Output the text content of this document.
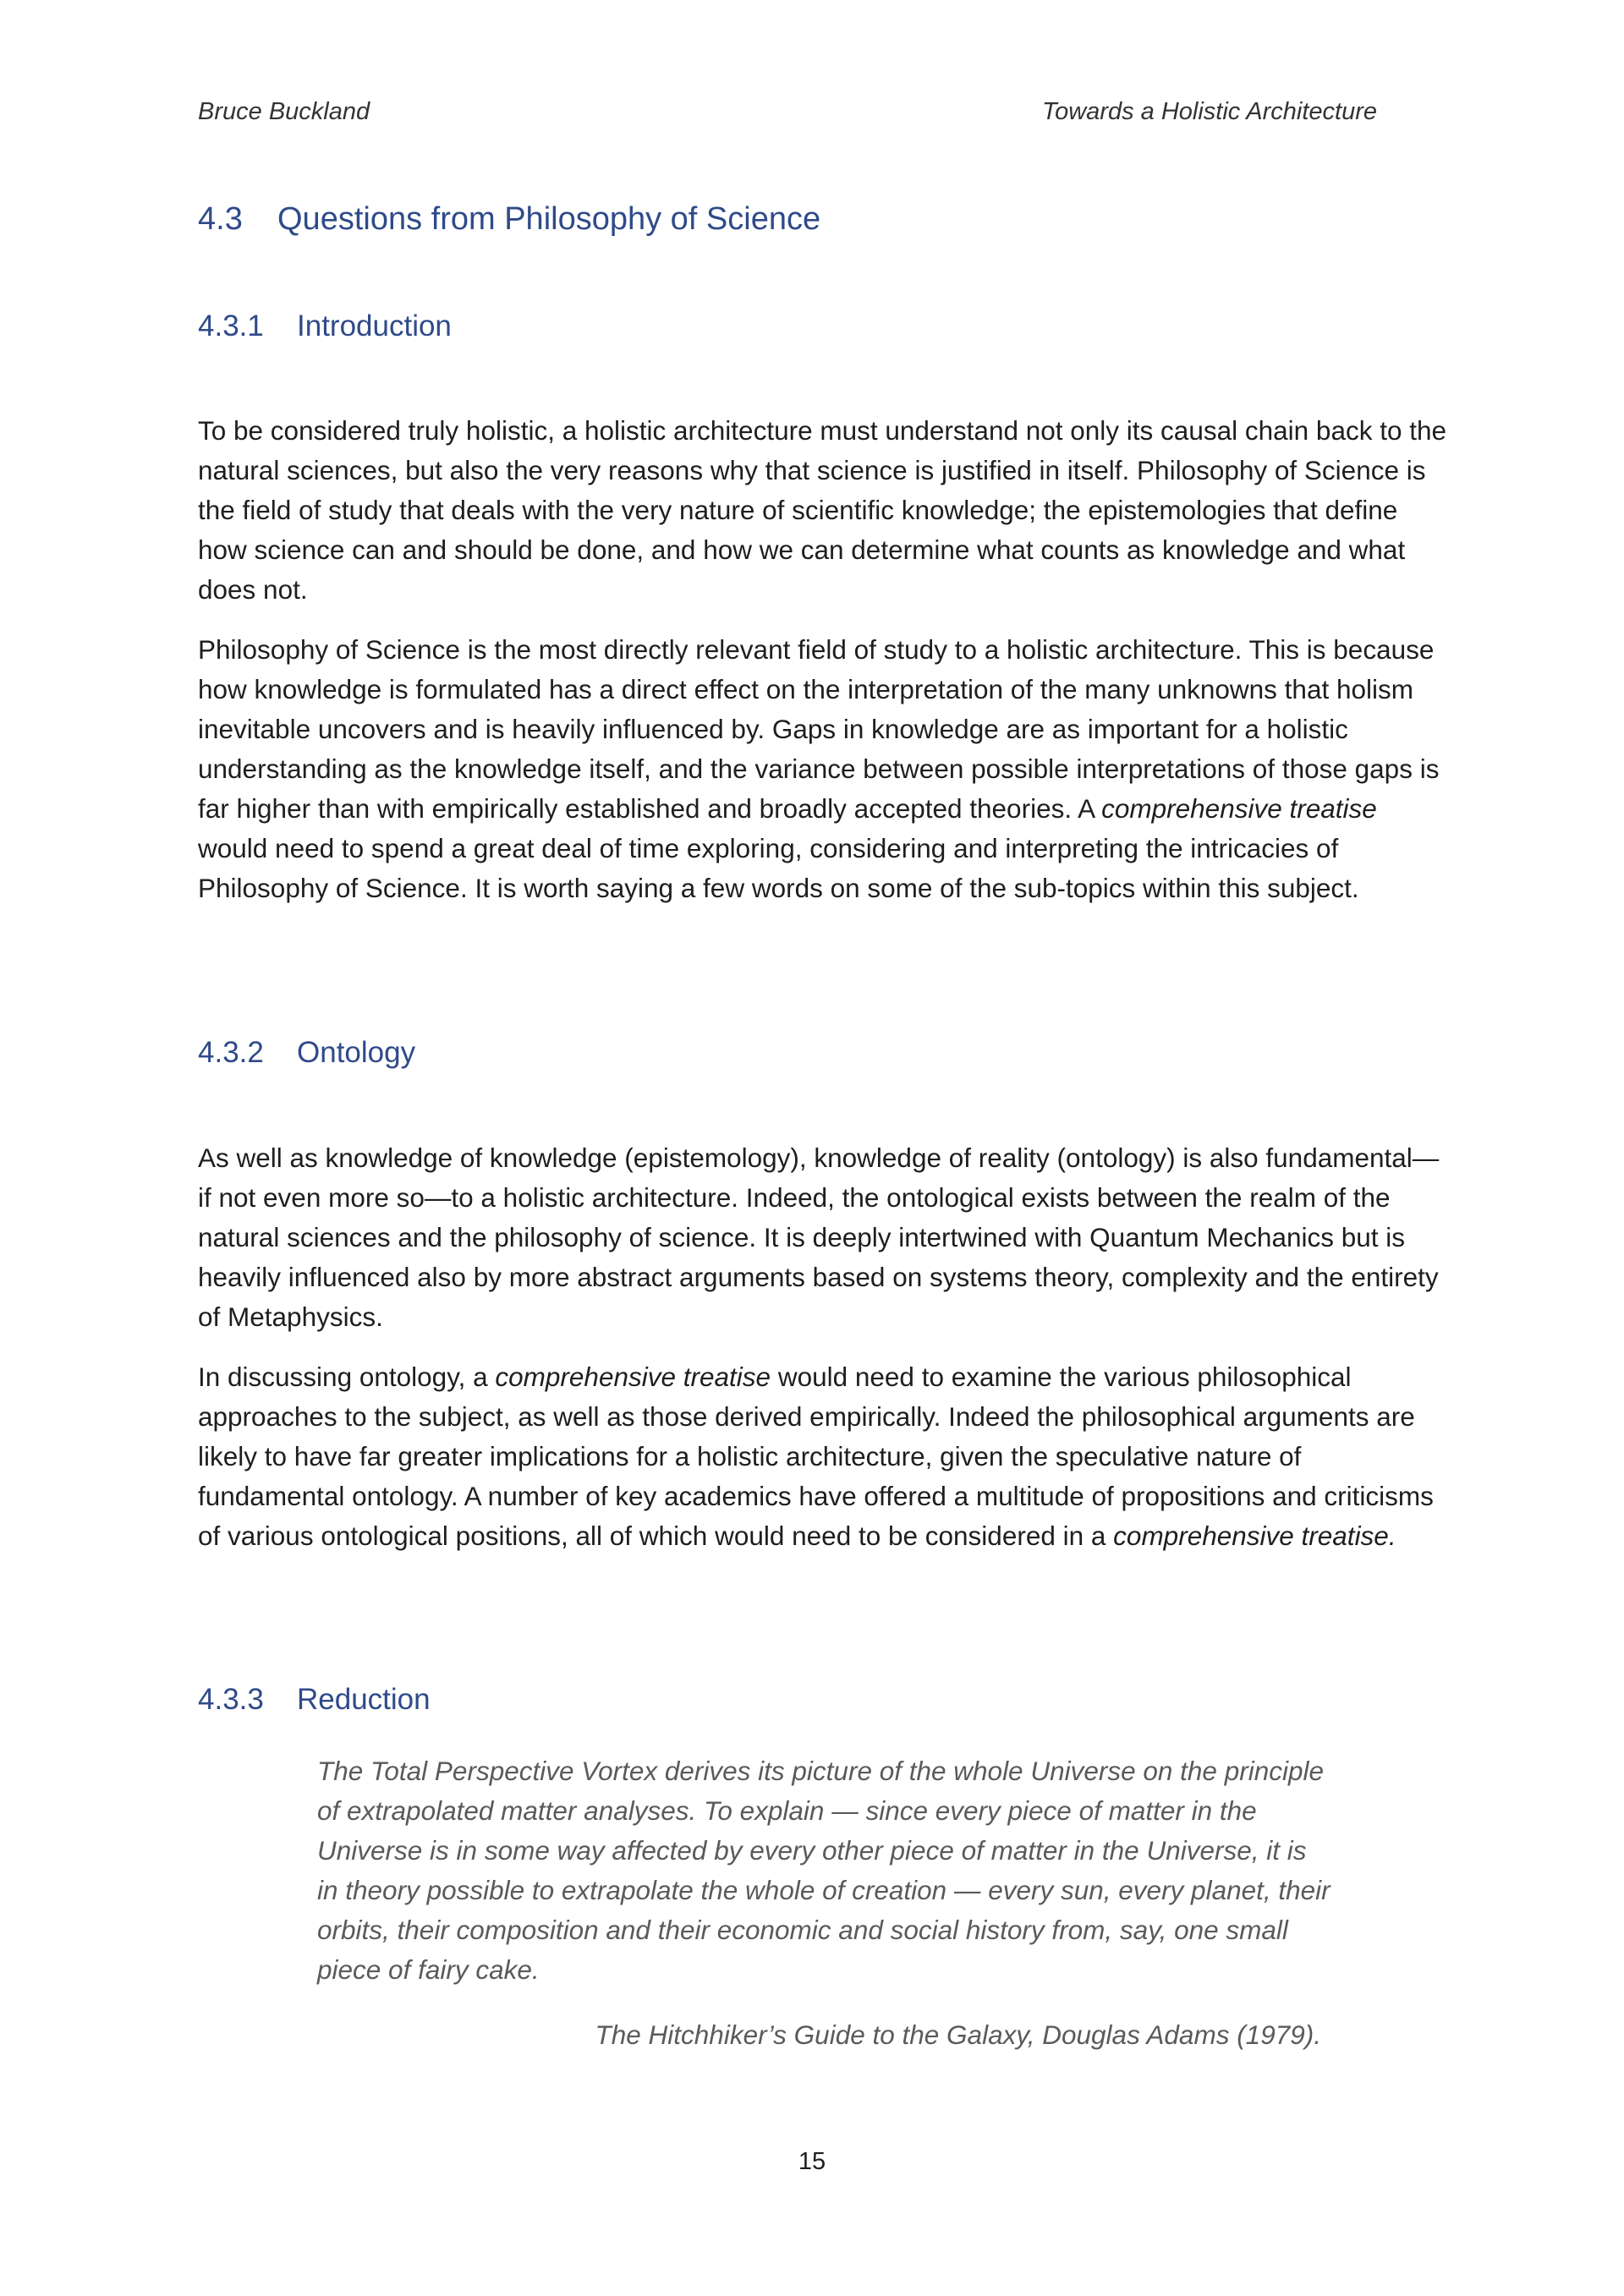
Bruce Buckland	Towards a Holistic Architecture

4.3 Questions from Philosophy of Science
4.3.1 Introduction

To be considered truly holistic, a holistic architecture must understand not only its causal chain back to the natural sciences, but also the very reasons why that science is justified in itself. Philosophy of Science is the field of study that deals with the very nature of scientific knowledge; the epistemologies that define how science can and should be done, and how we can determine what counts as knowledge and what does not.

Philosophy of Science is the most directly relevant field of study to a holistic architecture. This is because how knowledge is formulated has a direct effect on the interpretation of the many unknowns that holism inevitable uncovers and is heavily influenced by. Gaps in knowledge are as important for a holistic understanding as the knowledge itself, and the variance between possible interpretations of those gaps is far higher than with empirically established and broadly accepted theories. A comprehensive treatise would need to spend a great deal of time exploring, considering and interpreting the intricacies of Philosophy of Science. It is worth saying a few words on some of the sub-topics within this subject.

4.3.2 Ontology

As well as knowledge of knowledge (epistemology), knowledge of reality (ontology) is also fundamental—if not even more so—to a holistic architecture. Indeed, the ontological exists between the realm of the natural sciences and the philosophy of science. It is deeply intertwined with Quantum Mechanics but is heavily influenced also by more abstract arguments based on systems theory, complexity and the entirety of Metaphysics.

In discussing ontology, a comprehensive treatise would need to examine the various philosophical approaches to the subject, as well as those derived empirically. Indeed the philosophical arguments are likely to have far greater implications for a holistic architecture, given the speculative nature of fundamental ontology. A number of key academics have offered a multitude of propositions and criticisms of various ontological positions, all of which would need to be considered in a comprehensive treatise.

4.3.3 Reduction

The Total Perspective Vortex derives its picture of the whole Universe on the principle of extrapolated matter analyses. To explain — since every piece of matter in the Universe is in some way affected by every other piece of matter in the Universe, it is in theory possible to extrapolate the whole of creation — every sun, every planet, their orbits, their composition and their economic and social history from, say, one small piece of fairy cake.

The Hitchhiker’s Guide to the Galaxy, Douglas Adams (1979).

15
